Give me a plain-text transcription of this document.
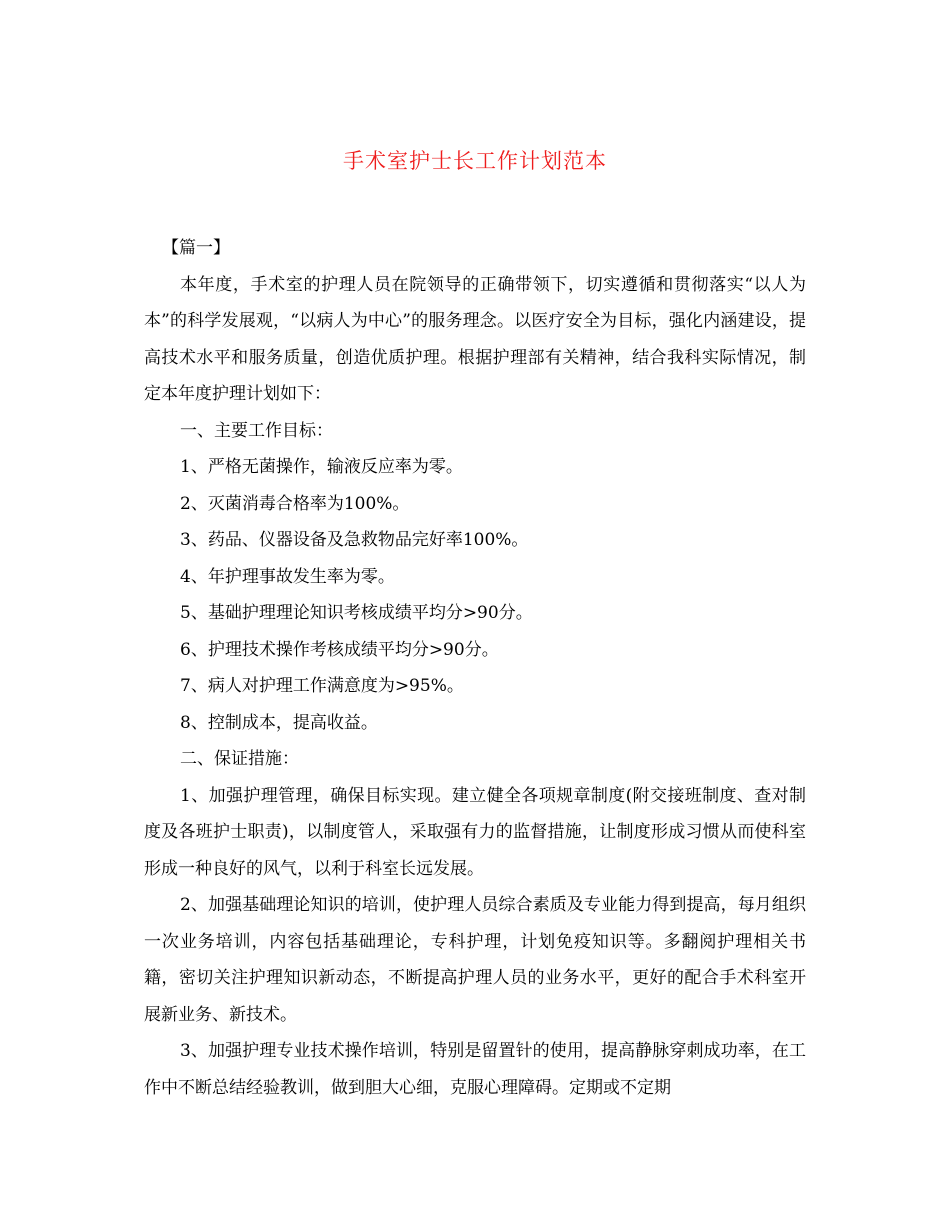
手术室护士长工作计划范本

【篇一】

本年度，手术室的护理人员在院领导的正确带领下，切实遵循和贯彻落实“以人为本”的科学发展观，“以病人为中心”的服务理念。以医疗安全为目标，强化内涵建设，提高技术水平和服务质量，创造优质护理。根据护理部有关精神，结合我科实际情况，制定本年度护理计划如下：

一、主要工作目标：

1、严格无菌操作，输液反应率为零。

2、灭菌消毒合格率为100%。

3、药品、仪器设备及急救物品完好率100%。

4、年护理事故发生率为零。

5、基础护理理论知识考核成绩平均分>90分。

6、护理技术操作考核成绩平均分>90分。

7、病人对护理工作满意度为>95%。

8、控制成本，提高收益。

二、保证措施：

1、加强护理管理，确保目标实现。建立健全各项规章制度(附交接班制度、查对制度及各班护士职责)，以制度管人，采取强有力的监督措施，让制度形成习惯从而使科室形成一种良好的风气，以利于科室长远发展。

2、加强基础理论知识的培训，使护理人员综合素质及专业能力得到提高，每月组织一次业务培训，内容包括基础理论，专科护理，计划免疫知识等。多翻阅护理相关书籍，密切关注护理知识新动态，不断提高护理人员的业务水平，更好的配合手术科室开展新业务、新技术。

3、加强护理专业技术操作培训，特别是留置针的使用，提高静脉穿刺成功率，在工作中不断总结经验教训，做到胆大心细，克服心理障碍。定期或不定期
